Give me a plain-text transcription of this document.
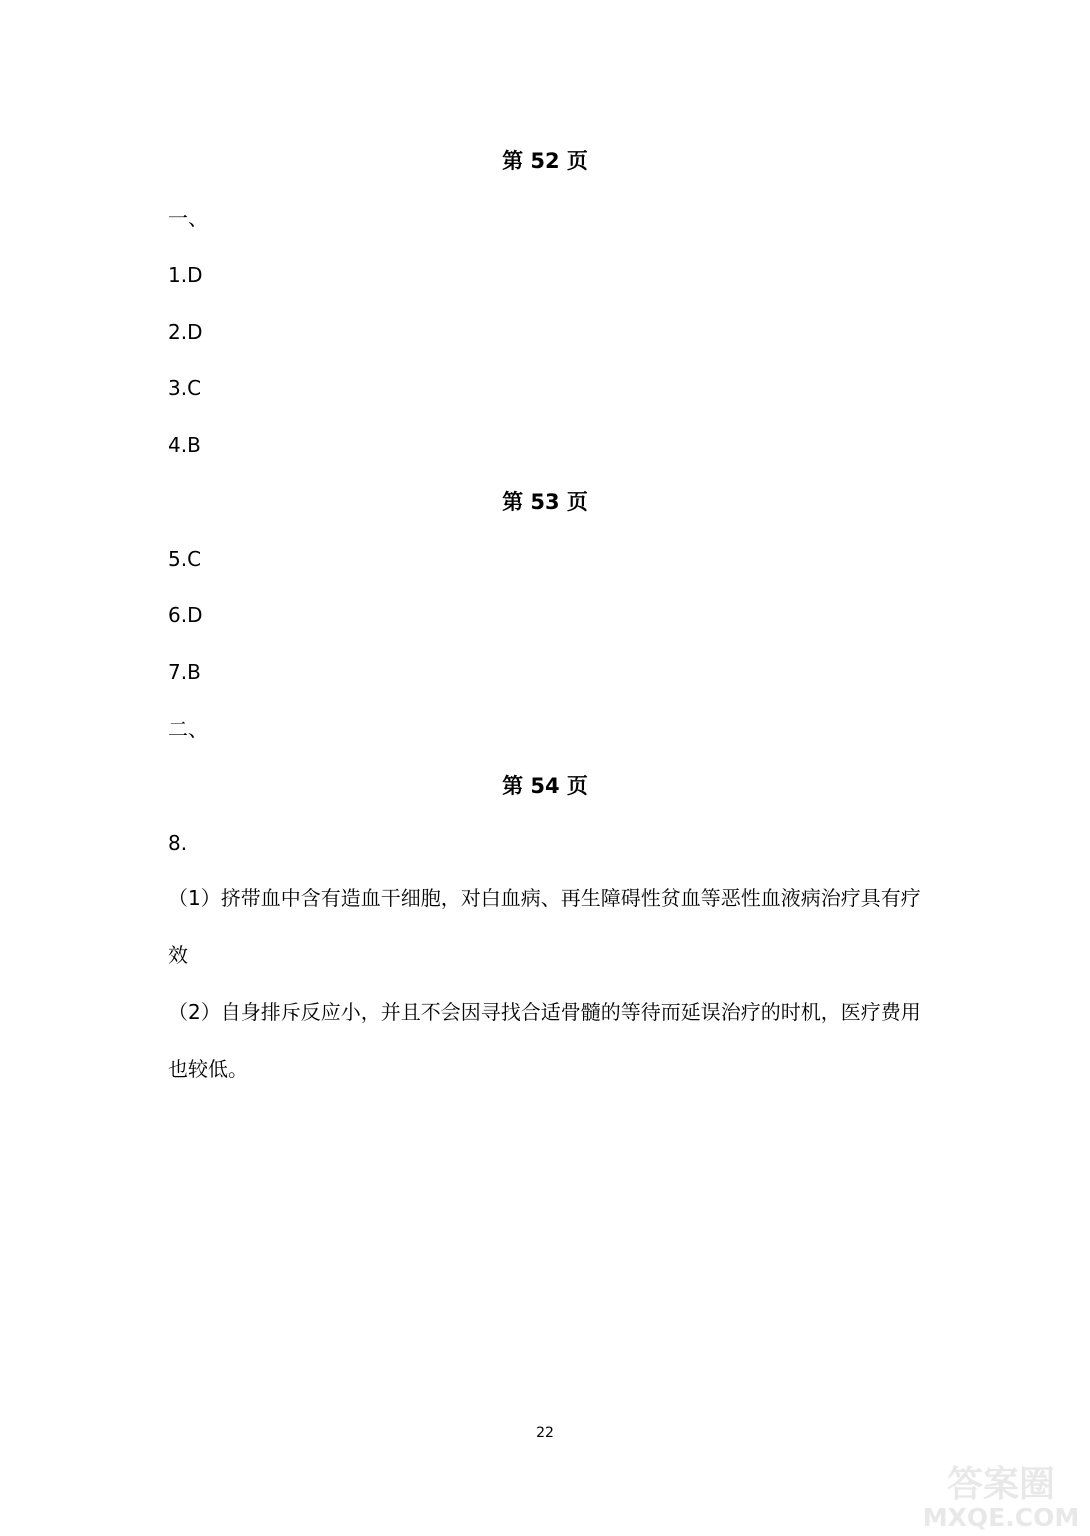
第 52 页
一、
1.D
2.D
3.C
4.B
第 53 页
5.C
6.D
7.B
二、
第 54 页
8.
（1）挤带血中含有造血干细胞，对白血病、再生障碍性贫血等恶性血液病治疗具有疗效
（2）自身排斥反应小，并且不会因寻找合适骨髓的等待而延误治疗的时机，医疗费用也较低。
22
答案圈
MXQE.COM
